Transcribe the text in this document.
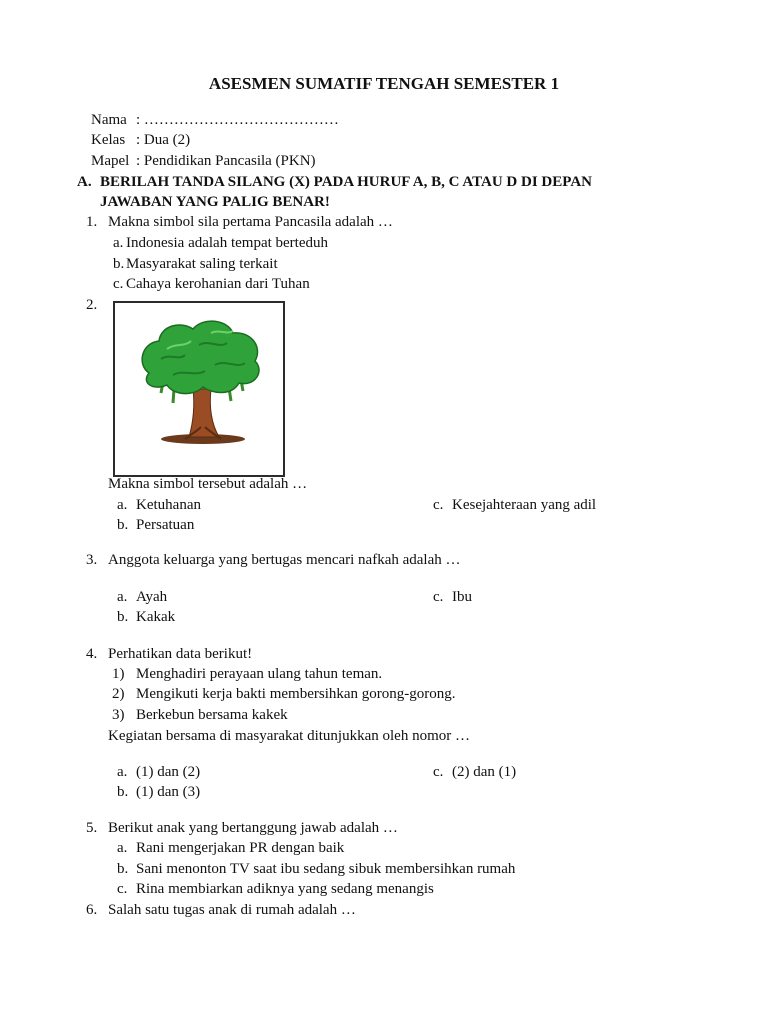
ASESMEN SUMATIF TENGAH SEMESTER 1
Nama : …………………………………
Kelas : Dua (2)
Mapel : Pendidikan Pancasila (PKN)
A. BERILAH TANDA SILANG (X) PADA HURUF A, B, C ATAU D DI DEPAN
JAWABAN YANG PALIG BENAR!
1. Makna simbol sila pertama Pancasila adalah …
a. Indonesia adalah tempat berteduh
b. Masyarakat saling terkait
c. Cahaya kerohanian dari Tuhan
2.
Makna simbol tersebut adalah …
a. Ketuhanan
b. Persatuan
c. Kesejahteraan yang adil
3. Anggota keluarga yang bertugas mencari nafkah adalah …
a. Ayah
b. Kakak
c. Ibu
4. Perhatikan data berikut!
1) Menghadiri perayaan ulang tahun teman.
2) Mengikuti kerja bakti membersihkan gorong-gorong.
3) Berkebun bersama kakek
Kegiatan bersama di masyarakat ditunjukkan oleh nomor …
a. (1) dan (2)
b. (1) dan (3)
c. (2) dan (1)
5. Berikut anak yang bertanggung jawab adalah …
a. Rani mengerjakan PR dengan baik
b. Sani menonton TV saat ibu sedang sibuk membersihkan rumah
c. Rina membiarkan adiknya yang sedang menangis
6. Salah satu tugas anak di rumah adalah …
